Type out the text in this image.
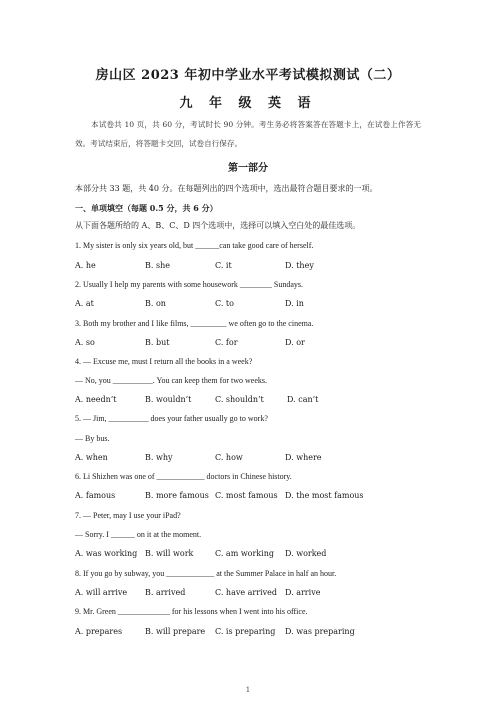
房山区 2023 年初中学业水平考试模拟测试（二）
九 年 级 英 语
本试卷共 10 页，共 60 分，考试时长 90 分钟。考生务必将答案答在答题卡上，在试卷上作答无效。考试结束后，将答题卡交回，试卷自行保存。
第一部分
本部分共 33 题，共 40 分。在每题列出的四个选项中，选出最符合题目要求的一项。
一、单项填空（每题 0.5 分，共 6 分）
从下面各题所给的 A、B、C、D 四个选项中，选择可以填入空白处的最佳选项。
1. My sister is only six years old, but ______can take good care of herself.
A. he	B. she	C. it	D. they
2. Usually I help my parents with some housework ________ Sundays.
A. at	B. on	C. to	D. in
3. Both my brother and I like films, _________ we often go to the cinema.
A. so	B. but	C. for	D. or
4. — Excuse me, must I return all the books in a week?
— No, you __________. You can keep them for two weeks.
A. needn’t	B. wouldn’t	C. shouldn’t	D. can’t
5. — Jim, __________ does your father usually go to work?
— By bus.
A. when	B. why	C. how	D. where
6. Li Shizhen was one of ____________ doctors in Chinese history.
A. famous	B. more famous C. most famous D. the most famous
7. — Peter, may I use your iPad?
— Sorry. I ______ on it at the moment.
A. was working B. will work	C. am working D. worked
8. If you go by subway, you ____________ at the Summer Palace in half an hour.
A. will arrive B. arrived	C. have arrived D. arrive
9. Mr. Green _____________ for his lessons when I went into his office.
A. prepares	B. will prepare C. is preparing D. was preparing
1
